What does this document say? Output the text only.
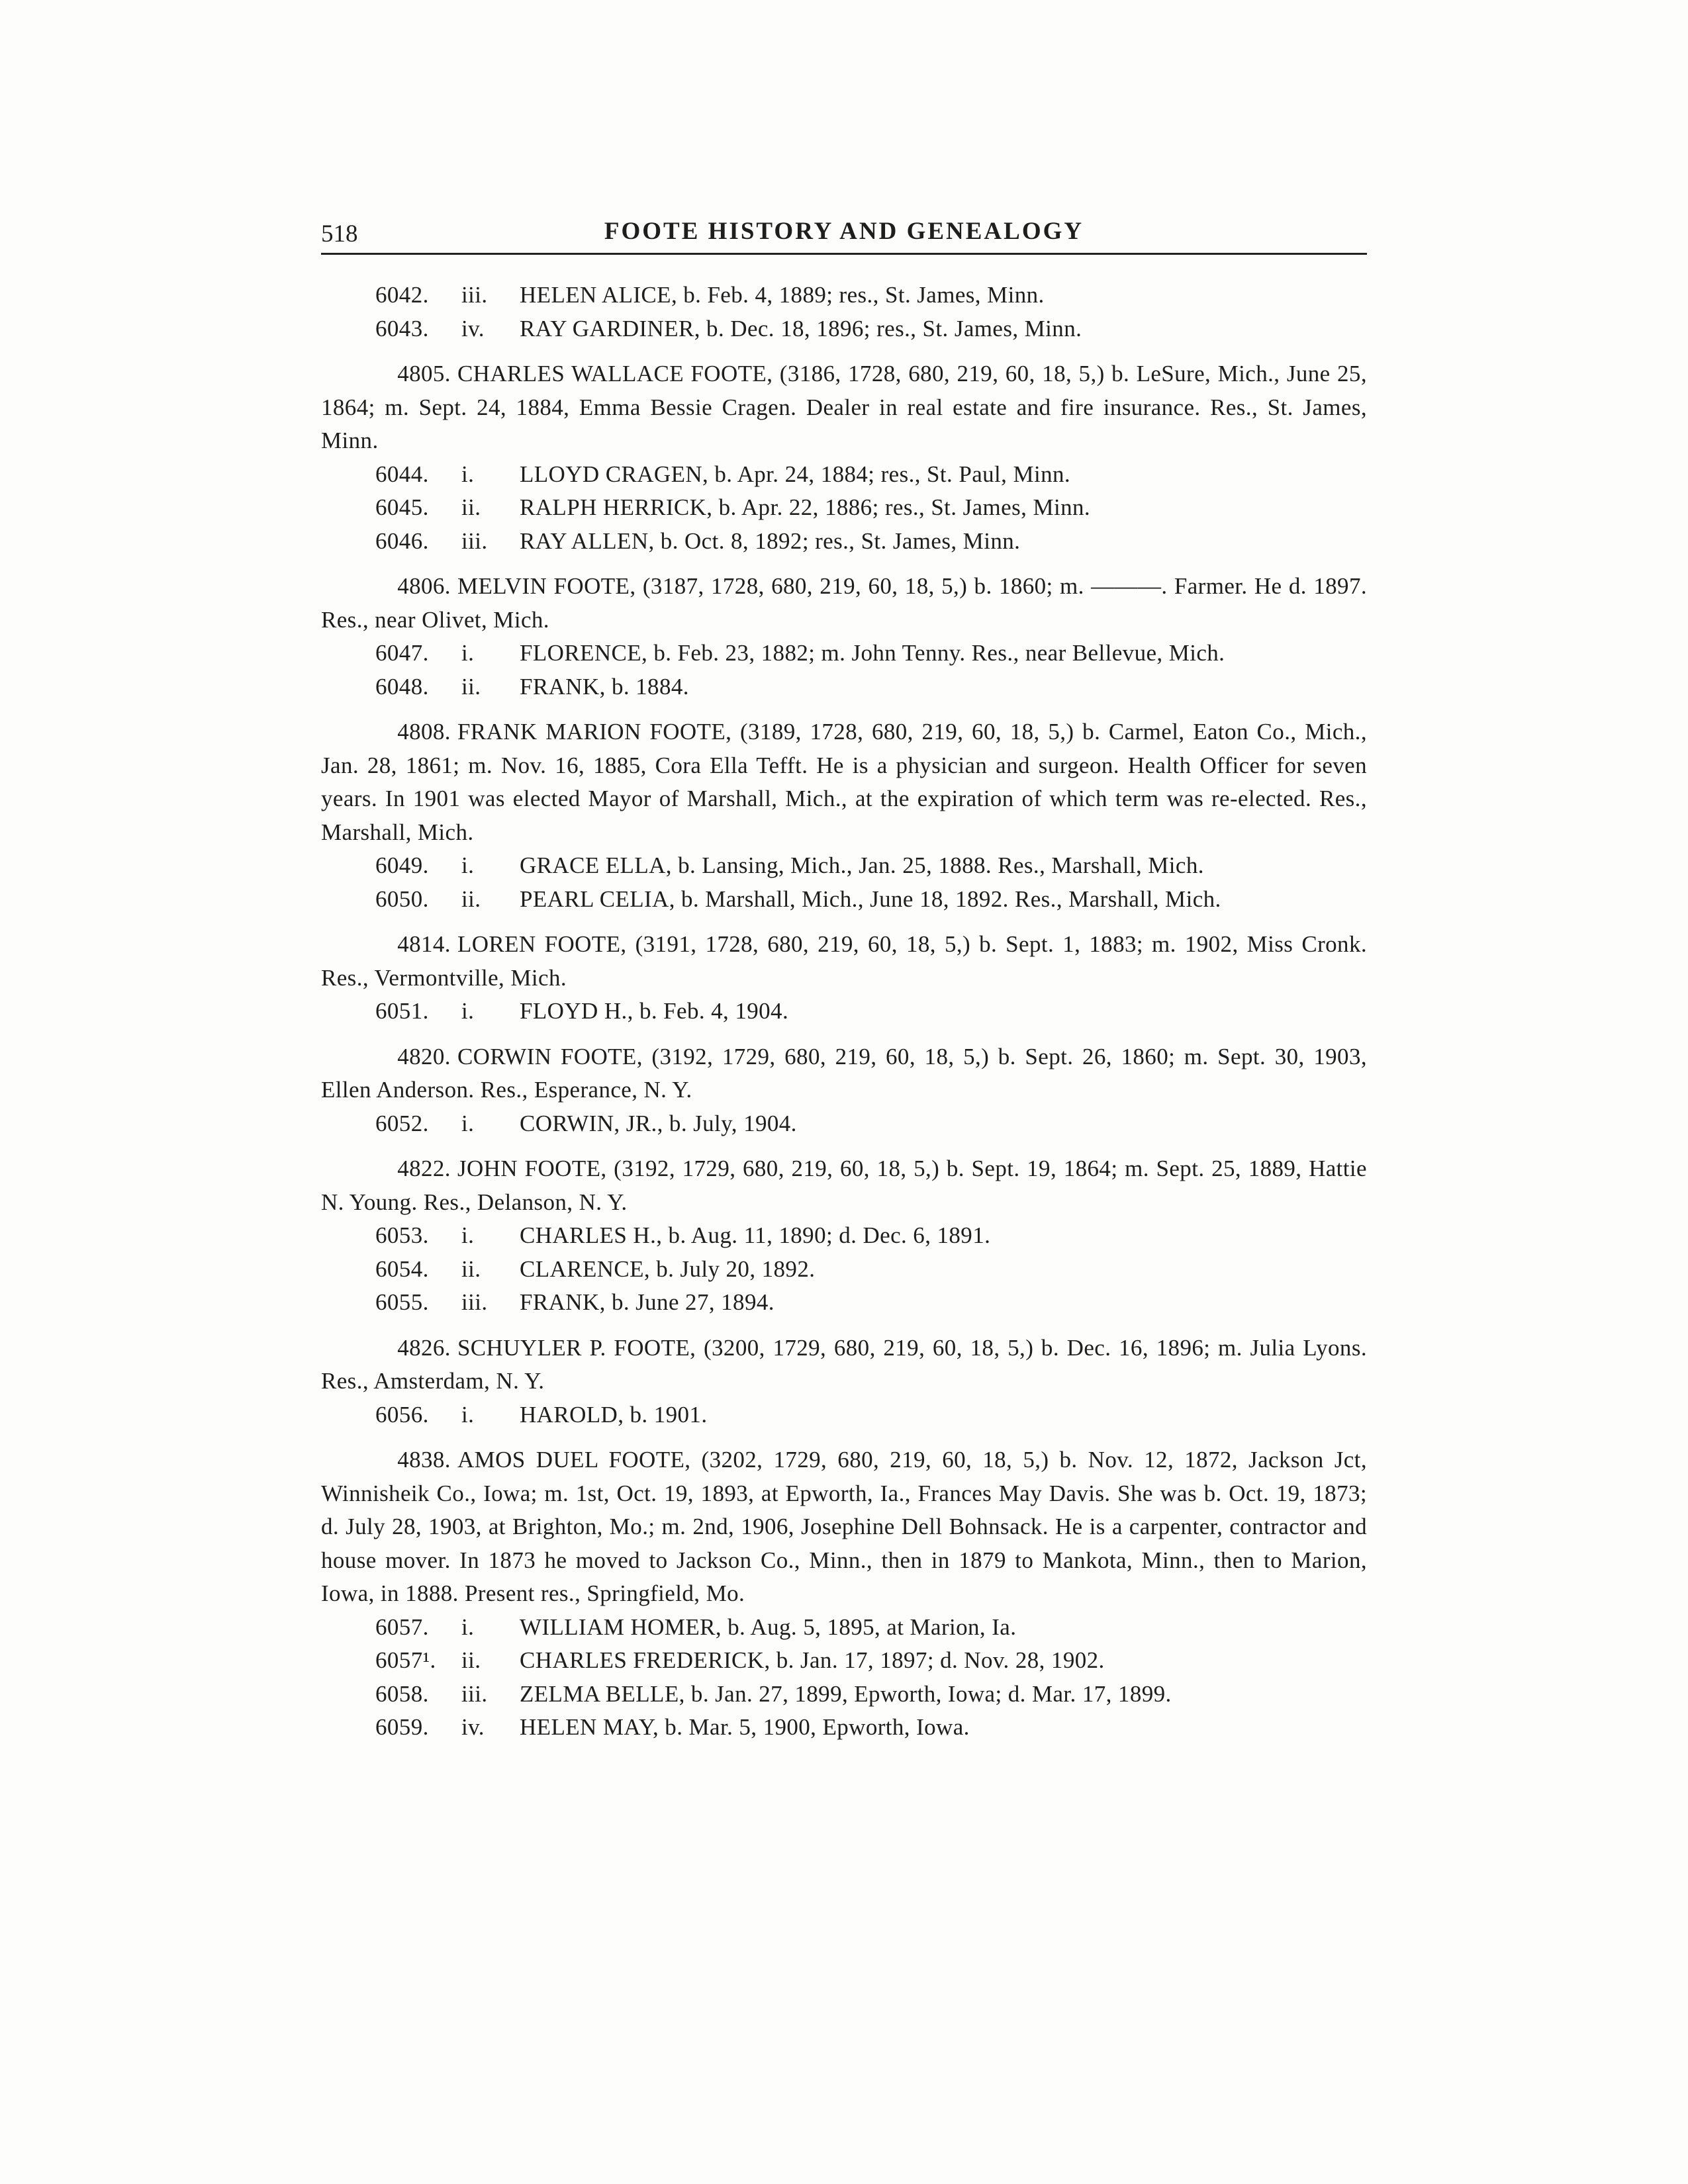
518	FOOTE HISTORY AND GENEALOGY
6042. iii. HELEN ALICE, b. Feb. 4, 1889; res., St. James, Minn.
6043. iv. RAY GARDINER, b. Dec. 18, 1896; res., St. James, Minn.

4805. CHARLES WALLACE FOOTE, (3186, 1728, 680, 219, 60, 18, 5,) b. LeSure, Mich., June 25, 1864; m. Sept. 24, 1884, Emma Bessie Cragen. Dealer in real estate and fire insurance. Res., St. James, Minn.

6044. i. LLOYD CRAGEN, b. Apr. 24, 1884; res., St. Paul, Minn.
6045. ii. RALPH HERRICK, b. Apr. 22, 1886; res., St. James, Minn.
6046. iii. RAY ALLEN, b. Oct. 8, 1892; res., St. James, Minn.

4806. MELVIN FOOTE, (3187, 1728, 680, 219, 60, 18, 5,) b. 1860; m. ———. Farmer. He d. 1897. Res., near Olivet, Mich.

6047. i. FLORENCE, b. Feb. 23, 1882; m. John Tenny. Res., near Bellevue, Mich.
6048. ii. FRANK, b. 1884.

4808. FRANK MARION FOOTE, (3189, 1728, 680, 219, 60, 18, 5,) b. Carmel, Eaton Co., Mich., Jan. 28, 1861; m. Nov. 16, 1885, Cora Ella Tefft. He is a physician and surgeon. Health Officer for seven years. In 1901 was elected Mayor of Marshall, Mich., at the expiration of which term was re-elected. Res., Marshall, Mich.

6049. i. GRACE ELLA, b. Lansing, Mich., Jan. 25, 1888. Res., Marshall, Mich.
6050. ii. PEARL CELIA, b. Marshall, Mich., June 18, 1892. Res., Marshall, Mich.

4814. LOREN FOOTE, (3191, 1728, 680, 219, 60, 18, 5,) b. Sept. 1, 1883; m. 1902, Miss Cronk. Res., Vermontville, Mich.

6051. i. FLOYD H., b. Feb. 4, 1904.

4820. CORWIN FOOTE, (3192, 1729, 680, 219, 60, 18, 5,) b. Sept. 26, 1860; m. Sept. 30, 1903, Ellen Anderson. Res., Esperance, N. Y.

6052. i. CORWIN, JR., b. July, 1904.

4822. JOHN FOOTE, (3192, 1729, 680, 219, 60, 18, 5,) b. Sept. 19, 1864; m. Sept. 25, 1889, Hattie N. Young. Res., Delanson, N. Y.

6053. i. CHARLES H., b. Aug. 11, 1890; d. Dec. 6, 1891.
6054. ii. CLARENCE, b. July 20, 1892.
6055. iii. FRANK, b. June 27, 1894.

4826. SCHUYLER P. FOOTE, (3200, 1729, 680, 219, 60, 18, 5,) b. Dec. 16, 1896; m. Julia Lyons. Res., Amsterdam, N. Y.

6056. i. HAROLD, b. 1901.

4838. AMOS DUEL FOOTE, (3202, 1729, 680, 219, 60, 18, 5,) b. Nov. 12, 1872, Jackson Jct, Winnisheik Co., Iowa; m. 1st, Oct. 19, 1893, at Epworth, Ia., Frances May Davis. She was b. Oct. 19, 1873; d. July 28, 1903, at Brighton, Mo.; m. 2nd, 1906, Josephine Dell Bohnsack. He is a carpenter, contractor and house mover. In 1873 he moved to Jackson Co., Minn., then in 1879 to Mankota, Minn., then to Marion, Iowa, in 1888. Present res., Springfield, Mo.

6057. i. WILLIAM HOMER, b. Aug. 5, 1895, at Marion, Ia.
6057¹. ii. CHARLES FREDERICK, b. Jan. 17, 1897; d. Nov. 28, 1902.
6058. iii. ZELMA BELLE, b. Jan. 27, 1899, Epworth, Iowa; d. Mar. 17, 1899.
6059. iv. HELEN MAY, b. Mar. 5, 1900, Epworth, Iowa.
